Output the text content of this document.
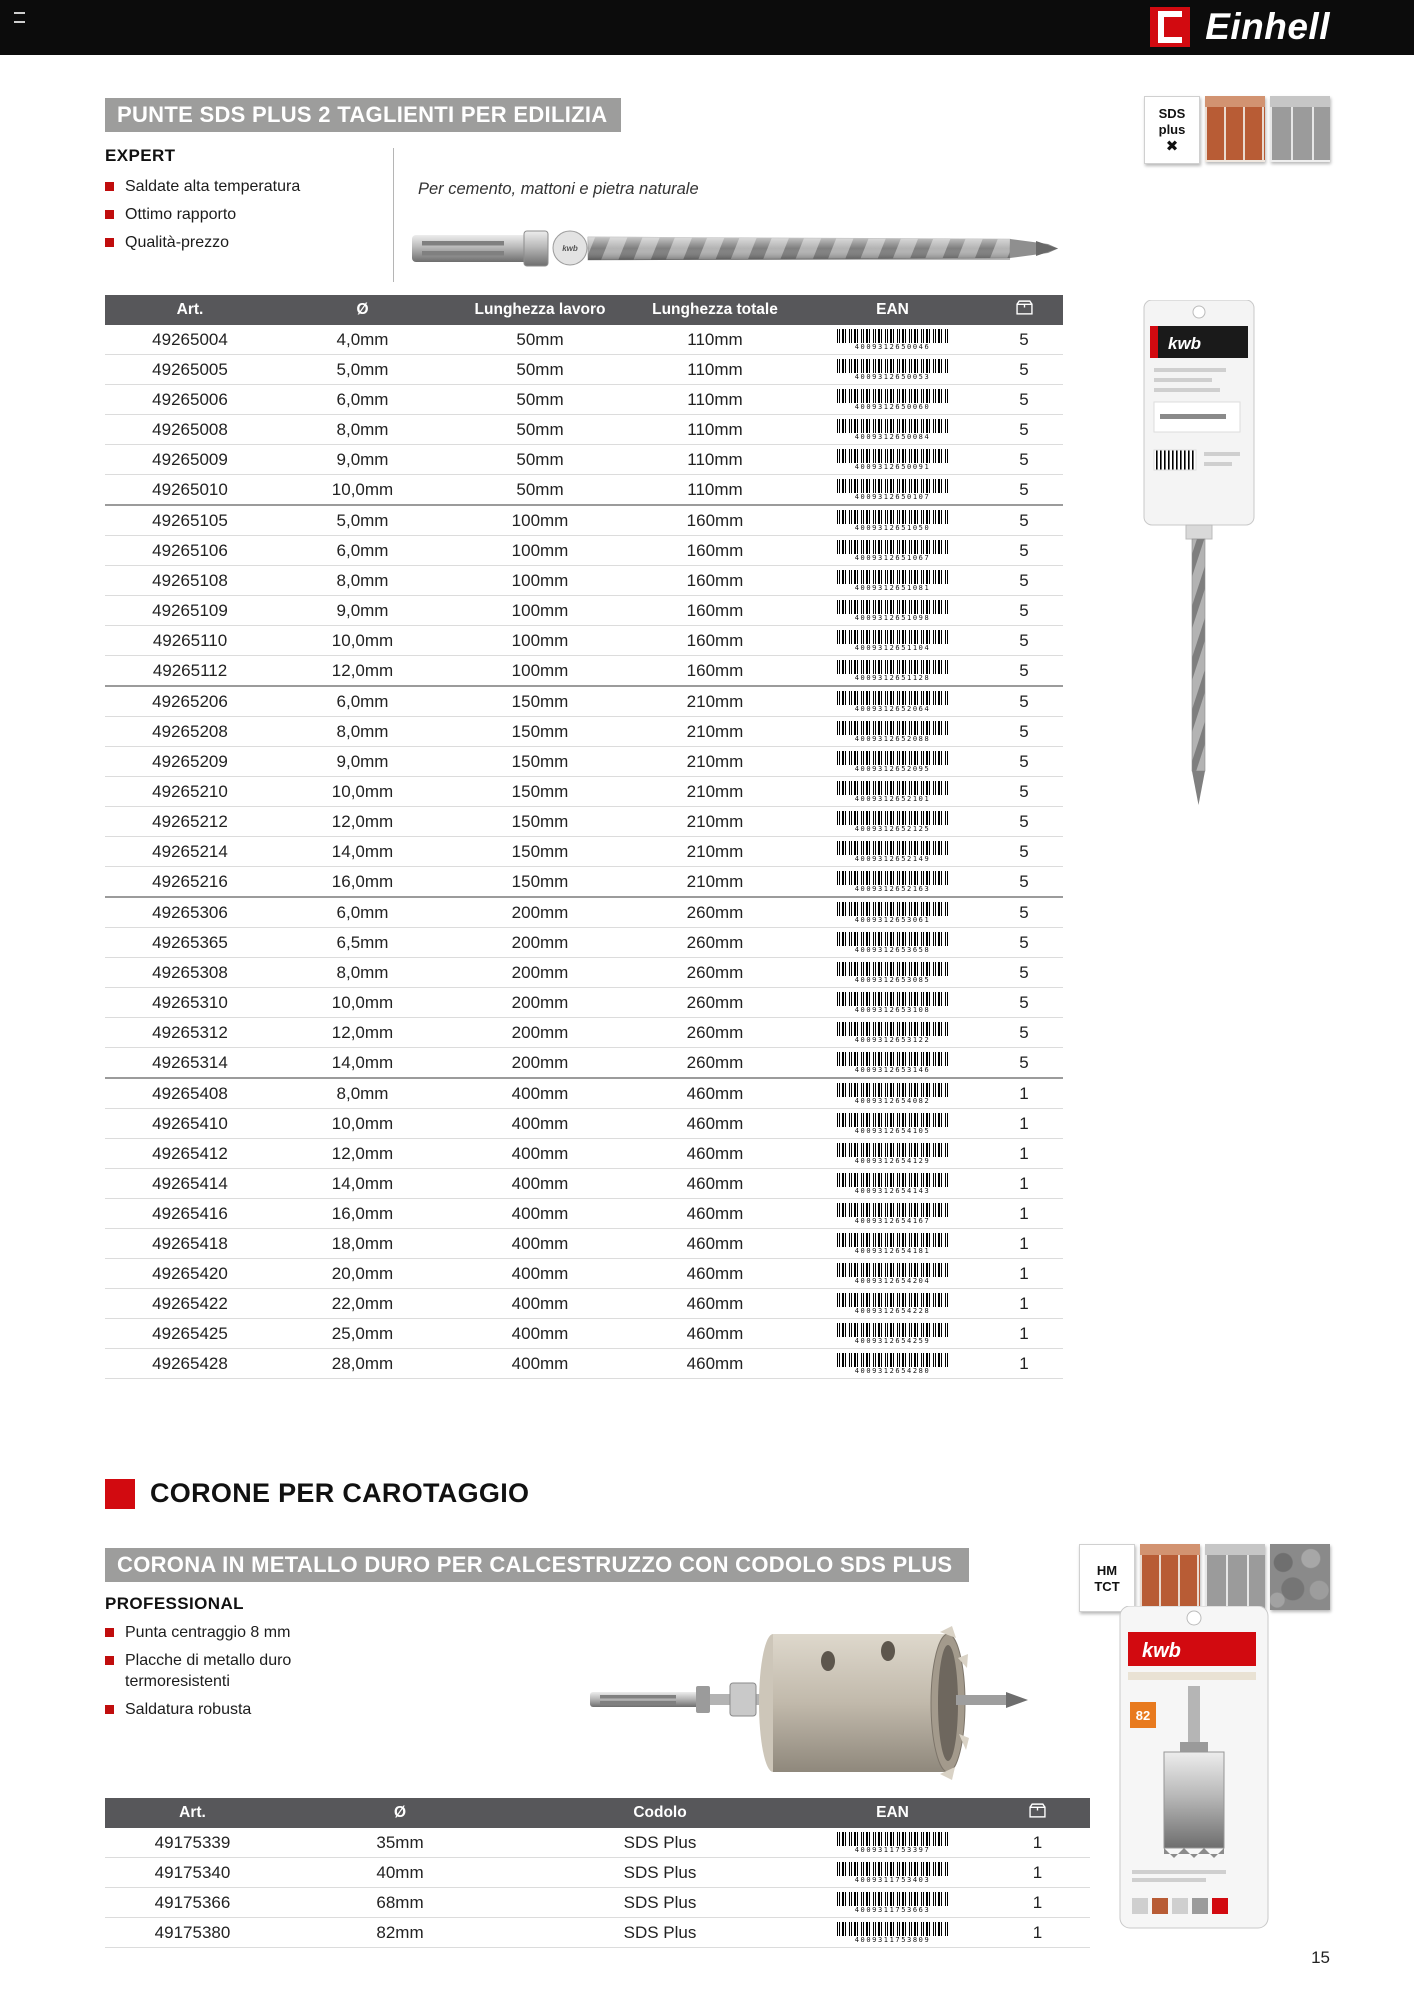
Einhell
PUNTE SDS PLUS 2 TAGLIENTI PER EDILIZIA	SDS
plus
✖
EXPERT
Saldate alta temperatura
Ottimo rapporto
Qualità-prezzo
Per cemento, mattoni e pietra naturale
kwb
Art.	Ø	Lunghezza lavoro	Lunghezza totale	EAN	
49265004	4,0mm	50mm	110mm	4009312650046	5
49265005	5,0mm	50mm	110mm	4009312650053	5
49265006	6,0mm	50mm	110mm	4009312650060	5
49265008	8,0mm	50mm	110mm	4009312650084	5
49265009	9,0mm	50mm	110mm	4009312650091	5
49265010	10,0mm	50mm	110mm	4009312650107	5
49265105	5,0mm	100mm	160mm	4009312651050	5
49265106	6,0mm	100mm	160mm	4009312651067	5
49265108	8,0mm	100mm	160mm	4009312651081	5
49265109	9,0mm	100mm	160mm	4009312651098	5
49265110	10,0mm	100mm	160mm	4009312651104	5
49265112	12,0mm	100mm	160mm	4009312651128	5
49265206	6,0mm	150mm	210mm	4009312652064	5
49265208	8,0mm	150mm	210mm	4009312652088	5
49265209	9,0mm	150mm	210mm	4009312652095	5
49265210	10,0mm	150mm	210mm	4009312652101	5
49265212	12,0mm	150mm	210mm	4009312652125	5
49265214	14,0mm	150mm	210mm	4009312652149	5
49265216	16,0mm	150mm	210mm	4009312652163	5
49265306	6,0mm	200mm	260mm	4009312653061	5
49265365	6,5mm	200mm	260mm	4009312653658	5
49265308	8,0mm	200mm	260mm	4009312653085	5
49265310	10,0mm	200mm	260mm	4009312653108	5
49265312	12,0mm	200mm	260mm	4009312653122	5
49265314	14,0mm	200mm	260mm	4009312653146	5
49265408	8,0mm	400mm	460mm	4009312654082	1
49265410	10,0mm	400mm	460mm	4009312654105	1
49265412	12,0mm	400mm	460mm	4009312654129	1
49265414	14,0mm	400mm	460mm	4009312654143	1
49265416	16,0mm	400mm	460mm	4009312654167	1
49265418	18,0mm	400mm	460mm	4009312654181	1
49265420	20,0mm	400mm	460mm	4009312654204	1
49265422	22,0mm	400mm	460mm	4009312654228	1
49265425	25,0mm	400mm	460mm	4009312654259	1
49265428	28,0mm	400mm	460mm	4009312654280	1
kwb
CORONE PER CAROTAGGIO
CORONA IN METALLO DURO PER CALCESTRUZZO CON CODOLO SDS PLUS	HM
TCT
PROFESSIONAL
Punta centraggio 8 mm
Placche di metallo duro termoresistenti
Saldatura robusta
kwb
82
Art.	Ø	Codolo	EAN	
49175339	35mm	SDS Plus	4009311753397	1
49175340	40mm	SDS Plus	4009311753403	1
49175366	68mm	SDS Plus	4009311753663	1
49175380	82mm	SDS Plus	4009311753809	1
15
